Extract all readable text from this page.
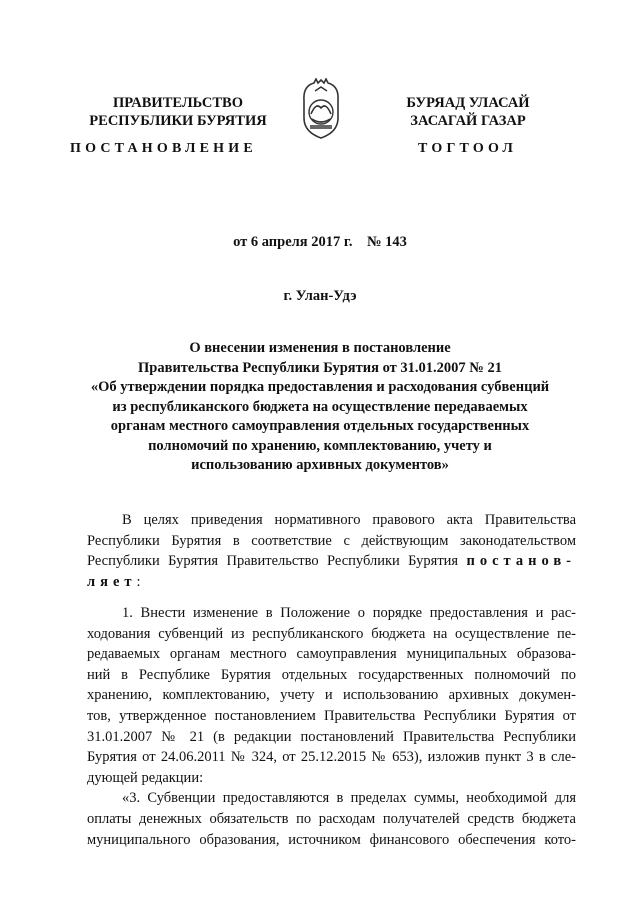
ПРАВИТЕЛЬСТВО
РЕСПУБЛИКИ БУРЯТИЯ
БУРЯАД УЛАСАЙ
ЗАСАГАЙ ГАЗАР
ПОСТАНОВЛЕНИЕ	ТОГТООЛ
от 6 апреля 2017 г.    № 143
г. Улан-Удэ
О внесении изменения в постановление
Правительства Республики Бурятия от 31.01.2007 № 21
«Об утверждении порядка предоставления и расходования субвенций
из республиканского бюджета на осуществление передаваемых
органам местного самоуправления отдельных государственных
полномочий по хранению, комплектованию, учету и
использованию архивных документов»
В целях приведения нормативного правового акта Правительства
Республики Бурятия в соответствие с действующим законодательством
Республики Бурятия Правительство Республики Бурятия постанов-
ляет:
1. Внести изменение в Положение о порядке предоставления и рас-
ходования субвенций из республиканского бюджета на осуществление пе-
редаваемых органам местного самоуправления муниципальных образова-
ний в Республике Бурятия отдельных государственных полномочий по
хранению, комплектованию, учету и использованию архивных докумен-
тов, утвержденное постановлением Правительства Республики Бурятия от
31.01.2007 № 21 (в редакции постановлений Правительства Республики
Бурятия от 24.06.2011 № 324, от 25.12.2015 № 653), изложив пункт 3 в сле-
дующей редакции:
«3. Субвенции предоставляются в пределах суммы, необходимой для
оплаты денежных обязательств по расходам получателей средств бюджета
муниципального образования, источником финансового обеспечения кото-
